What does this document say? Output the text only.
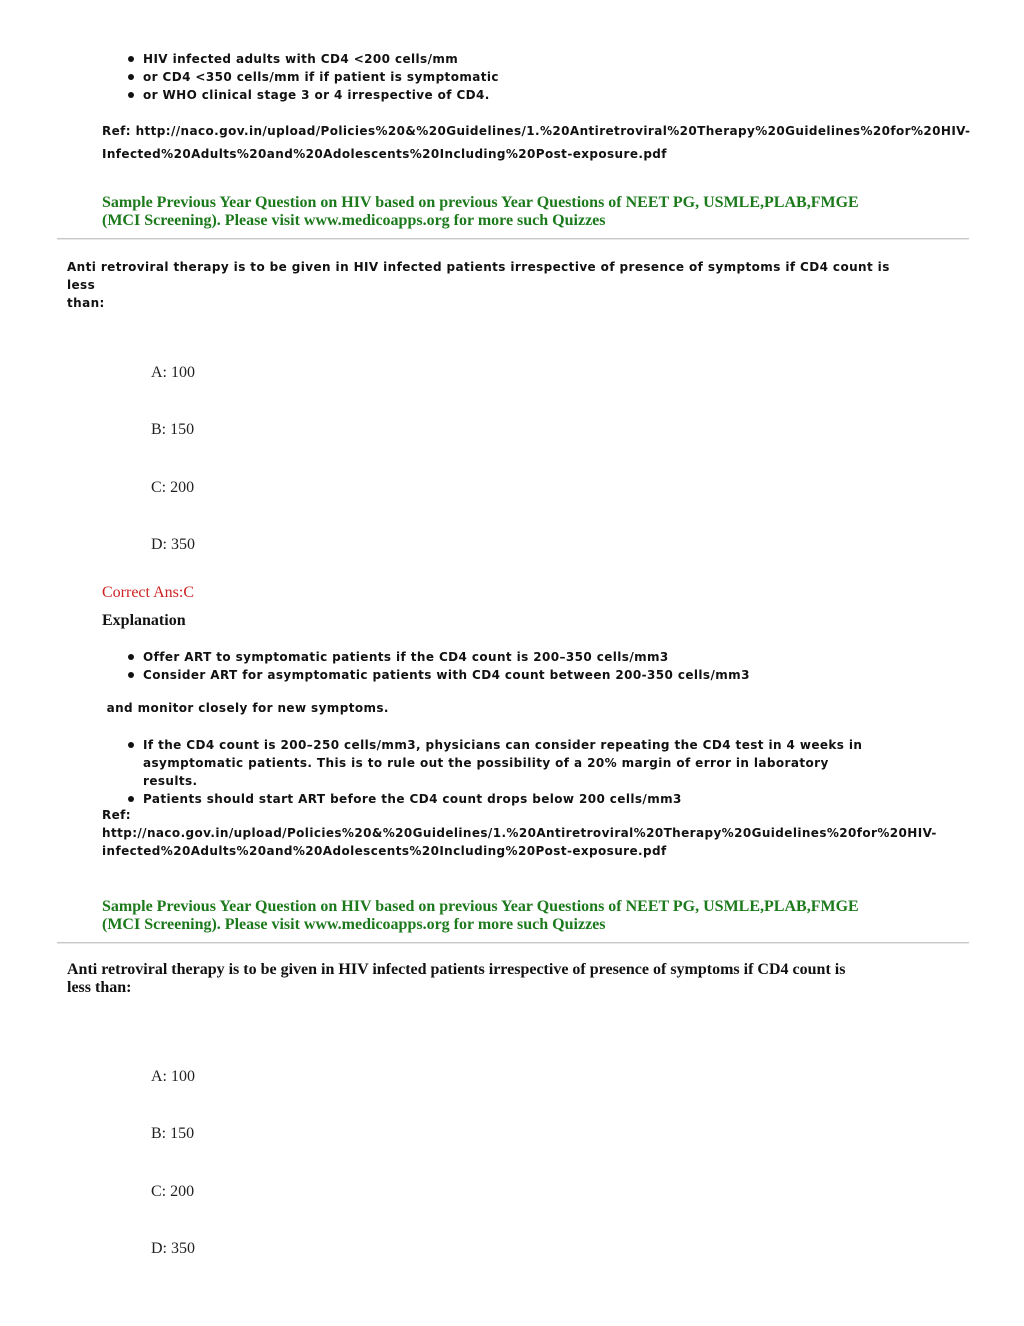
HIV infected adults with CD4 <200 cells/mm
or CD4 <350 cells/mm if if patient is symptomatic
or WHO clinical stage 3 or 4 irrespective of CD4.
Ref: http://naco.gov.in/upload/Policies%20&%20Guidelines/1.%20Antiretroviral%20Therapy%20Guidelines%20for%20HIV-
Infected%20Adults%20and%20Adolescents%20Including%20Post-exposure.pdf
Sample Previous Year Question on HIV based on previous Year Questions of NEET PG, USMLE,PLAB,FMGE
(MCI Screening). Please visit www.medicoapps.org for more such Quizzes
Anti retroviral therapy is to be given in HIV infected patients irrespective of presence of symptoms if CD4 count is less
than:
A: 100
B: 150
C: 200
D: 350
Correct Ans:C
Explanation
Offer ART to symptomatic patients if the CD4 count is 200–350 cells/mm3
Consider ART for asymptomatic patients with CD4 count between 200-350 cells/mm3
and monitor closely for new symptoms.
If the CD4 count is 200–250 cells/mm3, physicians can consider repeating the CD4 test in 4 weeks in asymptomatic patients. This is to rule out the possibility of a 20% margin of error in laboratory results.
Patients should start ART before the CD4 count drops below 200 cells/mm3
Ref:
http://naco.gov.in/upload/Policies%20&%20Guidelines/1.%20Antiretroviral%20Therapy%20Guidelines%20for%20HIV-
infected%20Adults%20and%20Adolescents%20Including%20Post-exposure.pdf
Sample Previous Year Question on HIV based on previous Year Questions of NEET PG, USMLE,PLAB,FMGE
(MCI Screening). Please visit www.medicoapps.org for more such Quizzes
Anti retroviral therapy is to be given in HIV infected patients irrespective of presence of symptoms if CD4 count is
less than:
A: 100
B: 150
C: 200
D: 350
